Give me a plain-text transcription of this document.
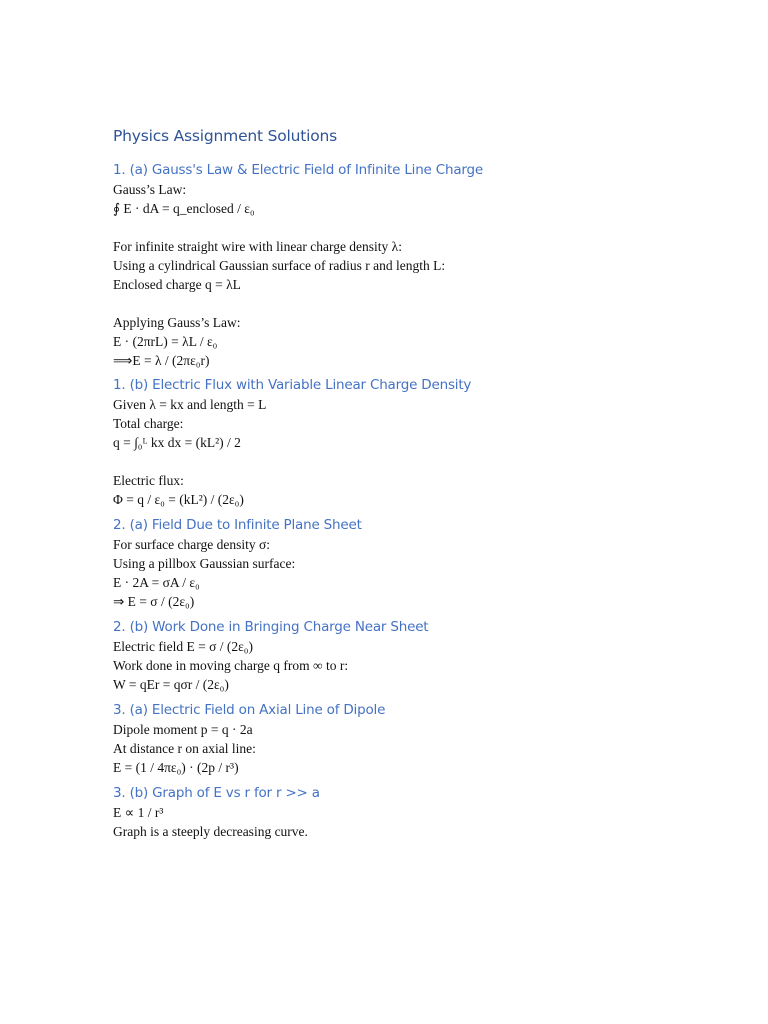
Physics Assignment Solutions
1. (a) Gauss's Law & Electric Field of Infinite Line Charge
Gauss’s Law:
∮ E · dA = q_enclosed / ε₀
For infinite straight wire with linear charge density λ:
Using a cylindrical Gaussian surface of radius r and length L:
Enclosed charge q = λL
Applying Gauss’s Law:
E · (2πrL) = λL / ε₀
⟹E = λ / (2πε₀r)
1. (b) Electric Flux with Variable Linear Charge Density
Given λ = kx and length = L
Total charge:
q = ∫₀ᴸ kx dx = (kL²) / 2
Electric flux:
Φ = q / ε₀ = (kL²) / (2ε₀)
2. (a) Field Due to Infinite Plane Sheet
For surface charge density σ:
Using a pillbox Gaussian surface:
E · 2A = σA / ε₀
⇒ E = σ / (2ε₀)
2. (b) Work Done in Bringing Charge Near Sheet
Electric field E = σ / (2ε₀)
Work done in moving charge q from ∞ to r:
W = qEr = qσr / (2ε₀)
3. (a) Electric Field on Axial Line of Dipole
Dipole moment p = q · 2a
At distance r on axial line:
E = (1 / 4πε₀) · (2p / r³)
3. (b) Graph of E vs r for r >> a
E ∝ 1 / r³
Graph is a steeply decreasing curve.
